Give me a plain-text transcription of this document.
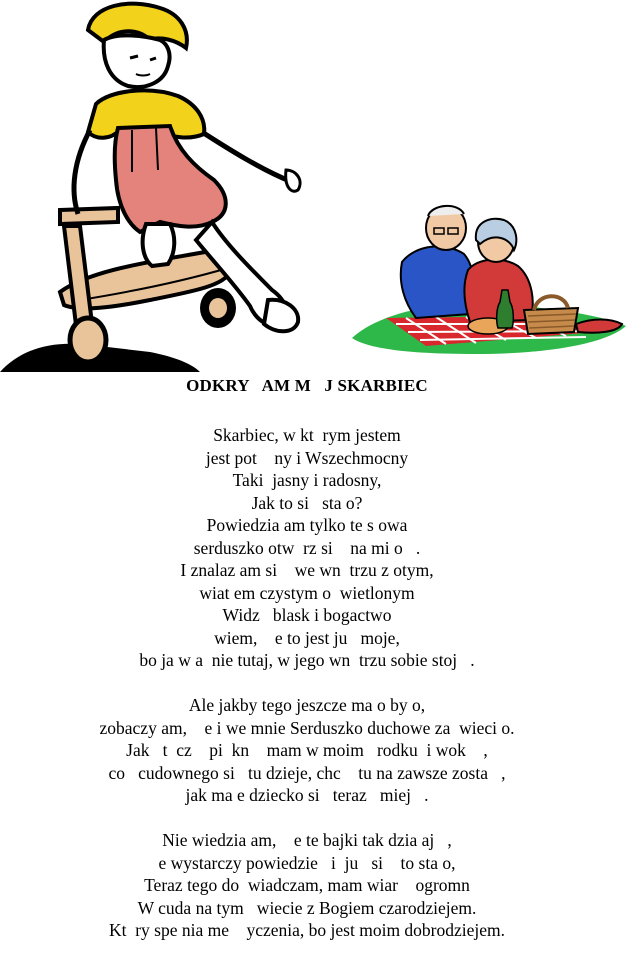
ODKRY   AM M   J SKARBIEC
Skarbiec, w kt  rym jestem
jest pot    ny i Wszechmocny
Taki  jasny i radosny,
Jak to si   sta o?
Powiedzia am tylko te s owa
serduszko otw  rz si    na mi o   .
I znalaz am si    we wn  trzu z otym,
wiat em czystym o  wietlonym
Widz   blask i bogactwo
wiem,    e to jest ju   moje,
bo ja w a  nie tutaj, w jego wn  trzu sobie stoj   .
Ale jakby tego jeszcze ma o by o,
zobaczy am,    e i we mnie Serduszko duchowe za  wieci o.
Jak   t  cz    pi  kn    mam w moim   rodku  i wok    ,
co   cudownego si   tu dzieje, chc    tu na zawsze zosta   ,
jak ma e dziecko si   teraz   miej   .
Nie wiedzia am,    e te bajki tak dzia aj   ,
e wystarczy powiedzie   i  ju   si    to sta o,
Teraz tego do  wiadczam, mam wiar    ogromn
W cuda na tym   wiecie z Bogiem czarodziejem.
Kt  ry spe nia me    yczenia, bo jest moim dobrodziejem.
